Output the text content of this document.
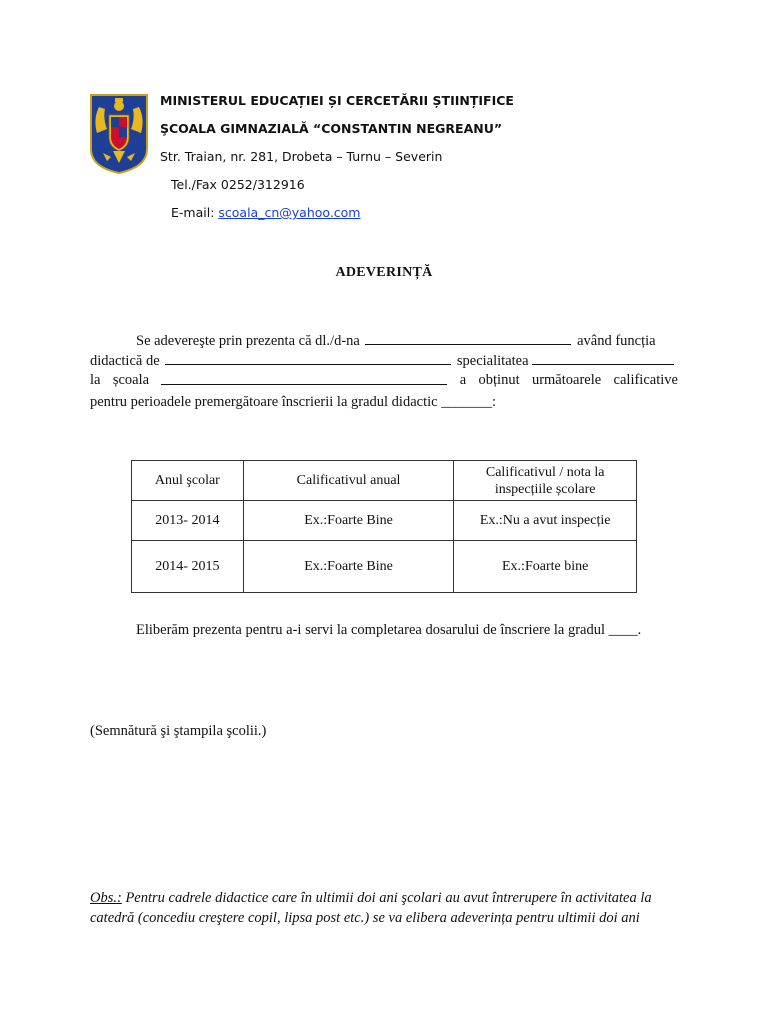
MINISTERUL EDUCAȚIEI ȘI CERCETĂRII ȘTIINȚIFICE
ŞCOALA GIMNAZIALĂ “CONSTANTIN NEGREANU”
Str. Traian, nr. 281, Drobeta – Turnu – Severin
Tel./Fax 0252/312916
E-mail: scoala_cn@yahoo.com
ADEVERINȚĂ
Se adevereşte prin prezenta că dl./d-na	având funcția
didactică de	specialitatea
la școala	a obținut următoarele calificative
pentru perioadele premergătoare înscrierii la gradul didactic _______:
Anul şcolar	Calificativul anual	Calificativul / nota la inspecțiile școlare
2013- 2014	Ex.:Foarte Bine	Ex.:Nu a avut inspecție
2014- 2015	Ex.:Foarte Bine	Ex.:Foarte bine
Eliberăm prezenta pentru a-i servi la completarea dosarului de înscriere la gradul ____.
(Semnătură şi ştampila şcolii.)
Obs.: Pentru cadrele didactice care în ultimii doi ani şcolari au avut întrerupere în activitatea la
catedră (concediu creştere copil, lipsa post etc.) se va elibera adeverința pentru ultimii doi ani
